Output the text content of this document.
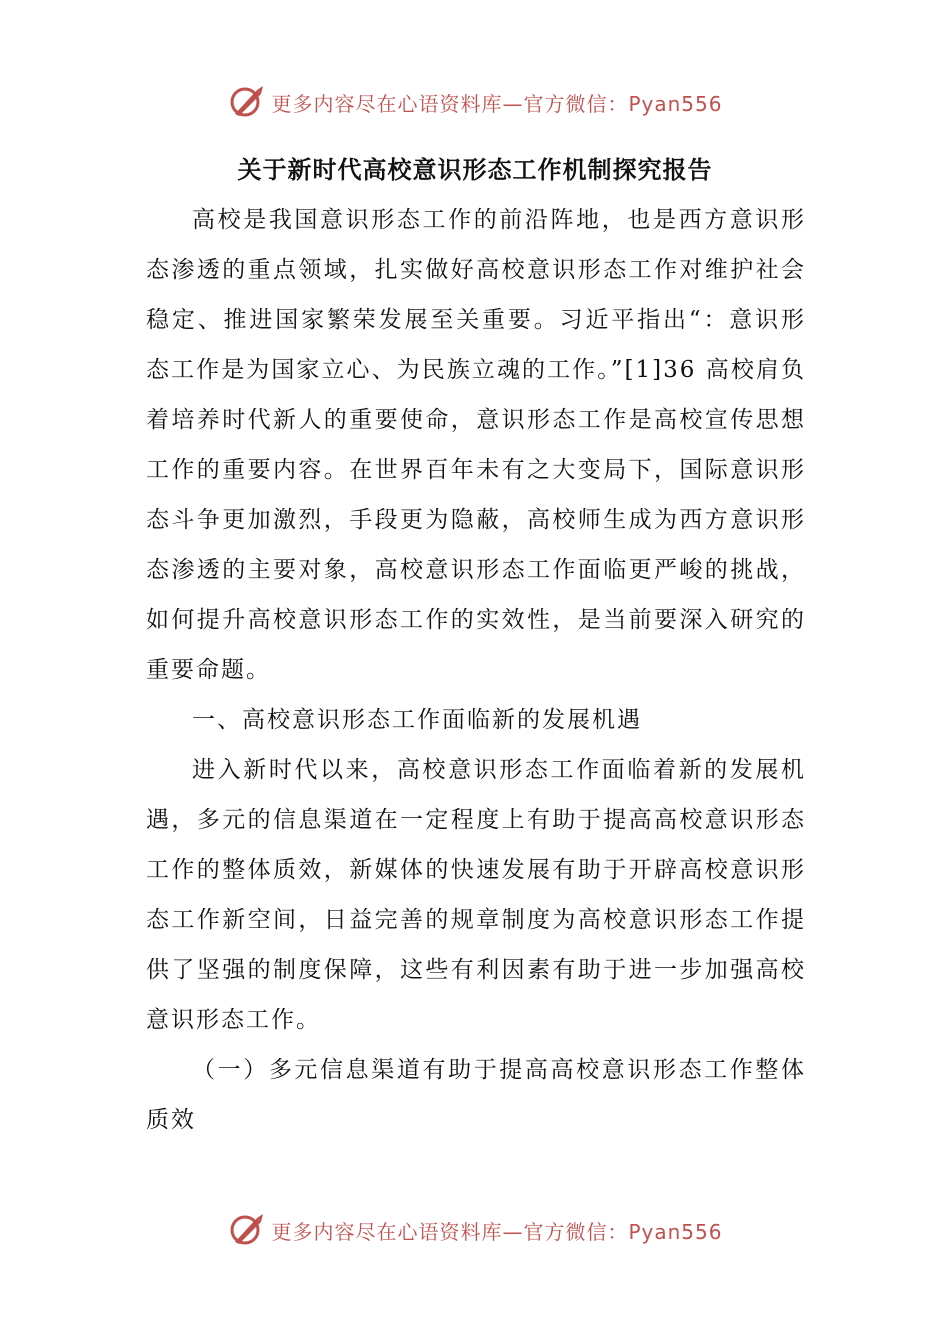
更多内容尽在心语资料库—官方微信：Pyan556
关于新时代高校意识形态工作机制探究报告

高校是我国意识形态工作的前沿阵地，也是西方意识形态渗透的重点领域，扎实做好高校意识形态工作对维护社会稳定、推进国家繁荣发展至关重要。习近平指出“：意识形态工作是为国家立心、为民族立魂的工作。”[1]36 高校肩负着培养时代新人的重要使命，意识形态工作是高校宣传思想工作的重要内容。在世界百年未有之大变局下，国际意识形态斗争更加激烈，手段更为隐蔽，高校师生成为西方意识形态渗透的主要对象，高校意识形态工作面临更严峻的挑战，如何提升高校意识形态工作的实效性，是当前要深入研究的重要命题。

一、高校意识形态工作面临新的发展机遇

进入新时代以来，高校意识形态工作面临着新的发展机遇，多元的信息渠道在一定程度上有助于提高高校意识形态工作的整体质效，新媒体的快速发展有助于开辟高校意识形态工作新空间，日益完善的规章制度为高校意识形态工作提供了坚强的制度保障，这些有利因素有助于进一步加强高校意识形态工作。

（一）多元信息渠道有助于提高高校意识形态工作整体质效

更多内容尽在心语资料库—官方微信：Pyan556
